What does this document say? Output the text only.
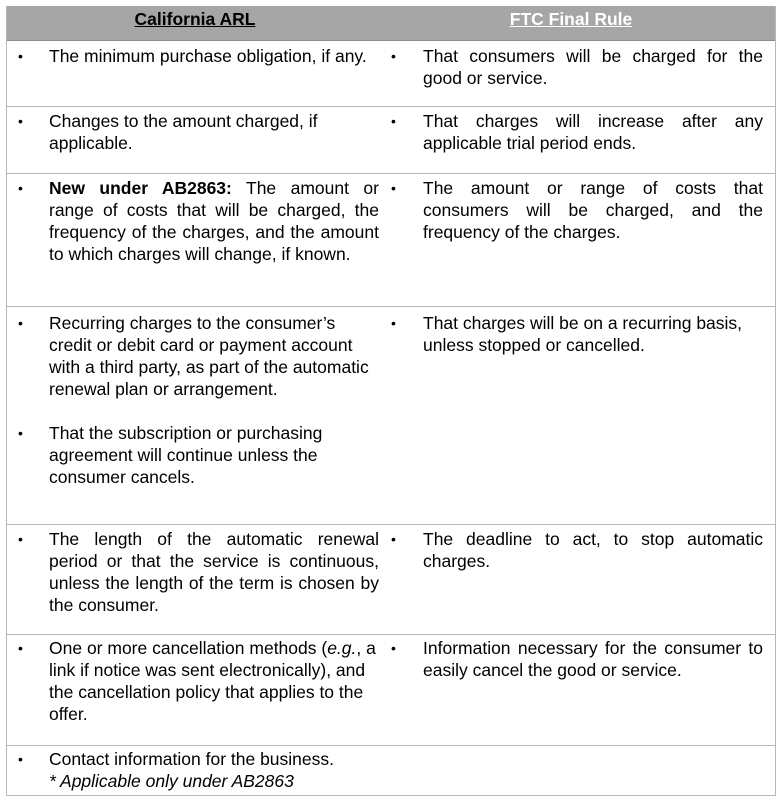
California ARL	FTC Final Rule
• The minimum purchase obligation, if any.	• That consumers will be charged for the good or service.
• Changes to the amount charged, if applicable.
• That charges will increase after any applicable trial period ends.
• New under AB2863: The amount or range of costs that will be charged, the frequency of the charges, and the amount to which charges will change, if known.
• The amount or range of costs that consumers will be charged, and the frequency of the charges.
• Recurring charges to the consumer’s credit or debit card or payment account with a third party, as part of the automatic renewal plan or arrangement.
• That the subscription or purchasing agreement will continue unless the consumer cancels.
• That charges will be on a recurring basis, unless stopped or cancelled.
• The length of the automatic renewal period or that the service is continuous, unless the length of the term is chosen by the consumer.
• The deadline to act, to stop automatic charges.
• One or more cancellation methods (e.g., a link if notice was sent electronically), and the cancellation policy that applies to the offer.
• Information necessary for the consumer to easily cancel the good or service.
• Contact information for the business.
* Applicable only under AB2863
